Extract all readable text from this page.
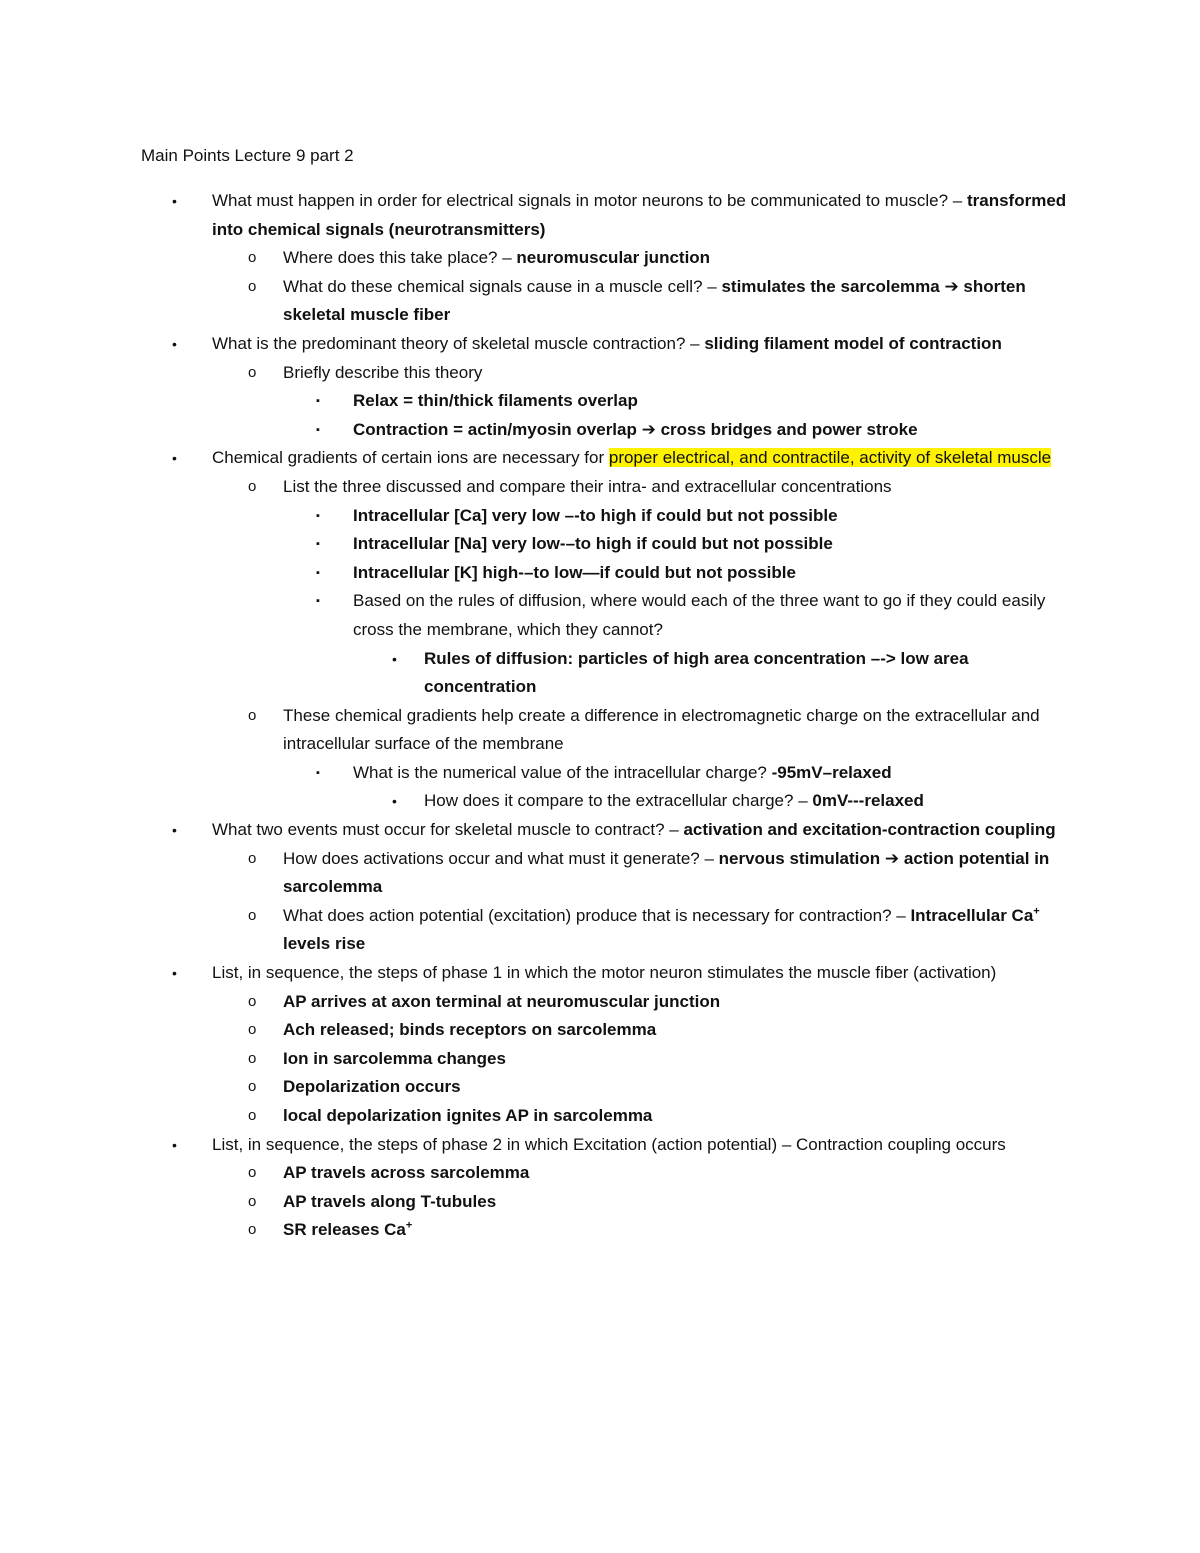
Main Points Lecture 9 part 2
• What must happen in order for electrical signals in motor neurons to be communicated to muscle? – transformed into chemical signals (neurotransmitters)
o Where does this take place? – neuromuscular junction
o What do these chemical signals cause in a muscle cell? – stimulates the sarcolemma ➔ shorten skeletal muscle fiber
• What is the predominant theory of skeletal muscle contraction? – sliding filament model of contraction
o Briefly describe this theory
▪ Relax = thin/thick filaments overlap
▪ Contraction = actin/myosin overlap ➔ cross bridges and power stroke
• Chemical gradients of certain ions are necessary for proper electrical, and contractile, activity of skeletal muscle
o List the three discussed and compare their intra- and extracellular concentrations
▪ Intracellular [Ca] very low –-to high if could but not possible
▪ Intracellular [Na] very low-–to high if could but not possible
▪ Intracellular [K] high-–to low—if could but not possible
▪ Based on the rules of diffusion, where would each of the three want to go if they could easily cross the membrane, which they cannot?
• Rules of diffusion: particles of high area concentration –-> low area concentration
o These chemical gradients help create a difference in electromagnetic charge on the extracellular and intracellular surface of the membrane
▪ What is the numerical value of the intracellular charge? -95mV–relaxed
• How does it compare to the extracellular charge? – 0mV---relaxed
• What two events must occur for skeletal muscle to contract? – activation and excitation-contraction coupling
o How does activations occur and what must it generate? – nervous stimulation ➔ action potential in sarcolemma
o What does action potential (excitation) produce that is necessary for contraction? – Intracellular Ca+ levels rise
• List, in sequence, the steps of phase 1 in which the motor neuron stimulates the muscle fiber (activation)
o AP arrives at axon terminal at neuromuscular junction
o Ach released; binds receptors on sarcolemma
o Ion in sarcolemma changes
o Depolarization occurs
o local depolarization ignites AP in sarcolemma
• List, in sequence, the steps of phase 2 in which Excitation (action potential) – Contraction coupling occurs
o AP travels across sarcolemma
o AP travels along T-tubules
o SR releases Ca+
